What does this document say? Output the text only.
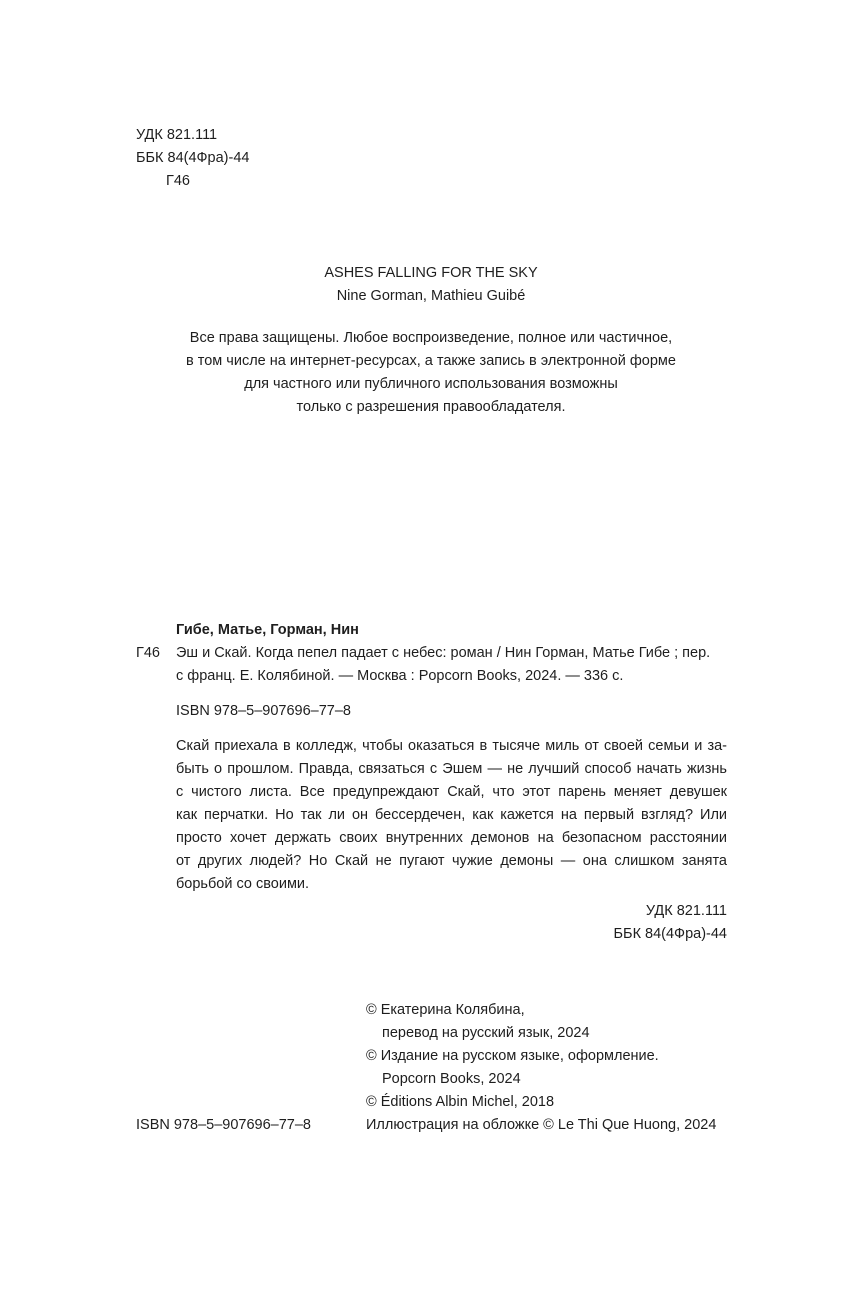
УДК 821.111
ББК 84(4Фра)-44
Г46
ASHES FALLING FOR THE SKY
Nine Gorman, Mathieu Guibé
Все права защищены. Любое воспроизведение, полное или частичное,
в том числе на интернет-ресурсах, а также запись в электронной форме
для частного или публичного использования возможны
только с разрешения правообладателя.
Гибе, Матье, Горман, Нин
Г46 Эш и Скай. Когда пепел падает с небес: роман / Нин Горман, Матье Гибе ; пер.
с франц. Е. Колябиной. — Москва : Popcorn Books, 2024. — 336 с.
ISBN 978–5–907696–77–8
Скай приехала в колледж, чтобы оказаться в тысяче миль от своей семьи и за-
быть о прошлом. Правда, связаться с Эшем — не лучший способ начать жизнь
с чистого листа. Все предупреждают Скай, что этот парень меняет девушек
как перчатки. Но так ли он бессердечен, как кажется на первый взгляд? Или
просто хочет держать своих внутренних демонов на безопасном расстоянии
от других людей? Но Скай не пугают чужие демоны — она слишком занята
борьбой со своими.
УДК 821.111
ББК 84(4Фра)-44
© Екатерина Колябина,
перевод на русский язык, 2024
© Издание на русском языке, оформление.
Popcorn Books, 2024
© Éditions Albin Michel, 2018
Иллюстрация на обложке © Le Thi Que Huong, 2024
ISBN 978–5–907696–77–8
